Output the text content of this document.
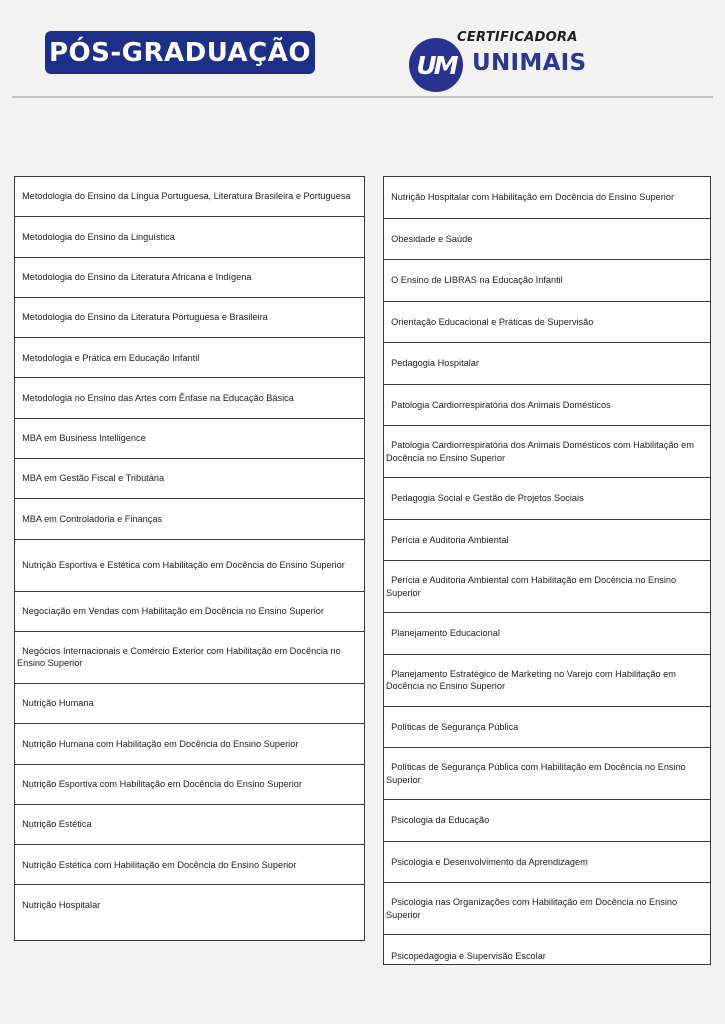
PÓS-GRADUAÇÃO	UM
CERTIFICADORA
UNIMAIS
Metodologia do Ensino da Língua Portuguesa, Literatura Brasileira e Portuguesa
Metodologia do Ensino da Linguística
Metodologia do Ensino da Literatura Africana e Indígena
Metodologia do Ensino da Literatura Portuguesa e Brasileira
Metodologia e Prática em Educação Infantil
Metodologia no Ensino das Artes com Ênfase na Educação Básica
MBA em Business Intelligence
MBA em Gestão Fiscal e Tributária
MBA em Controladoria e Finanças
Nutrição Esportiva e Estética com Habilitação em Docência do Ensino Superior
Negociação em Vendas com Habilitação em Docência no Ensino Superior
Negócios Internacionais e Comércio Exterior com Habilitação em Docência no Ensino Superior
Nutrição Humana
Nutrição Humana com Habilitação em Docência do Ensino Superior
Nutrição Esportiva com Habilitação em Docência do Ensino Superior
Nutrição Estética
Nutrição Estética com Habilitação em Docência do Ensino Superior
Nutrição Hospitalar
Nutrição Hospitalar com Habilitação em Docência do Ensino Superior
Obesidade e Saúde
O Ensino de LIBRAS na Educação Infantil
Orientação Educacional e Práticas de Supervisão
Pedagogia Hospitalar
Patologia Cardiorrespiratória dos Animais Domésticos
Patologia Cardiorrespiratória dos Animais Domésticos com Habilitação em Docência no Ensino Superior
Pedagogia Social e Gestão de Projetos Sociais
Perícia e Auditoria Ambiental
Perícia e Auditoria Ambiental com Habilitação em Docência no Ensino Superior
Planejamento Educacional
Planejamento Estratégico de Marketing no Varejo com Habilitação em Docência no Ensino Superior
Políticas de Segurança Pública
Políticas de Segurança Pública com Habilitação em Docência no Ensino Superior
Psicologia da Educação
Psicologia e Desenvolvimento da Aprendizagem
Psicologia nas Organizações com Habilitação em Docência no Ensino Superior
Psicopedagogia e Supervisão Escolar
